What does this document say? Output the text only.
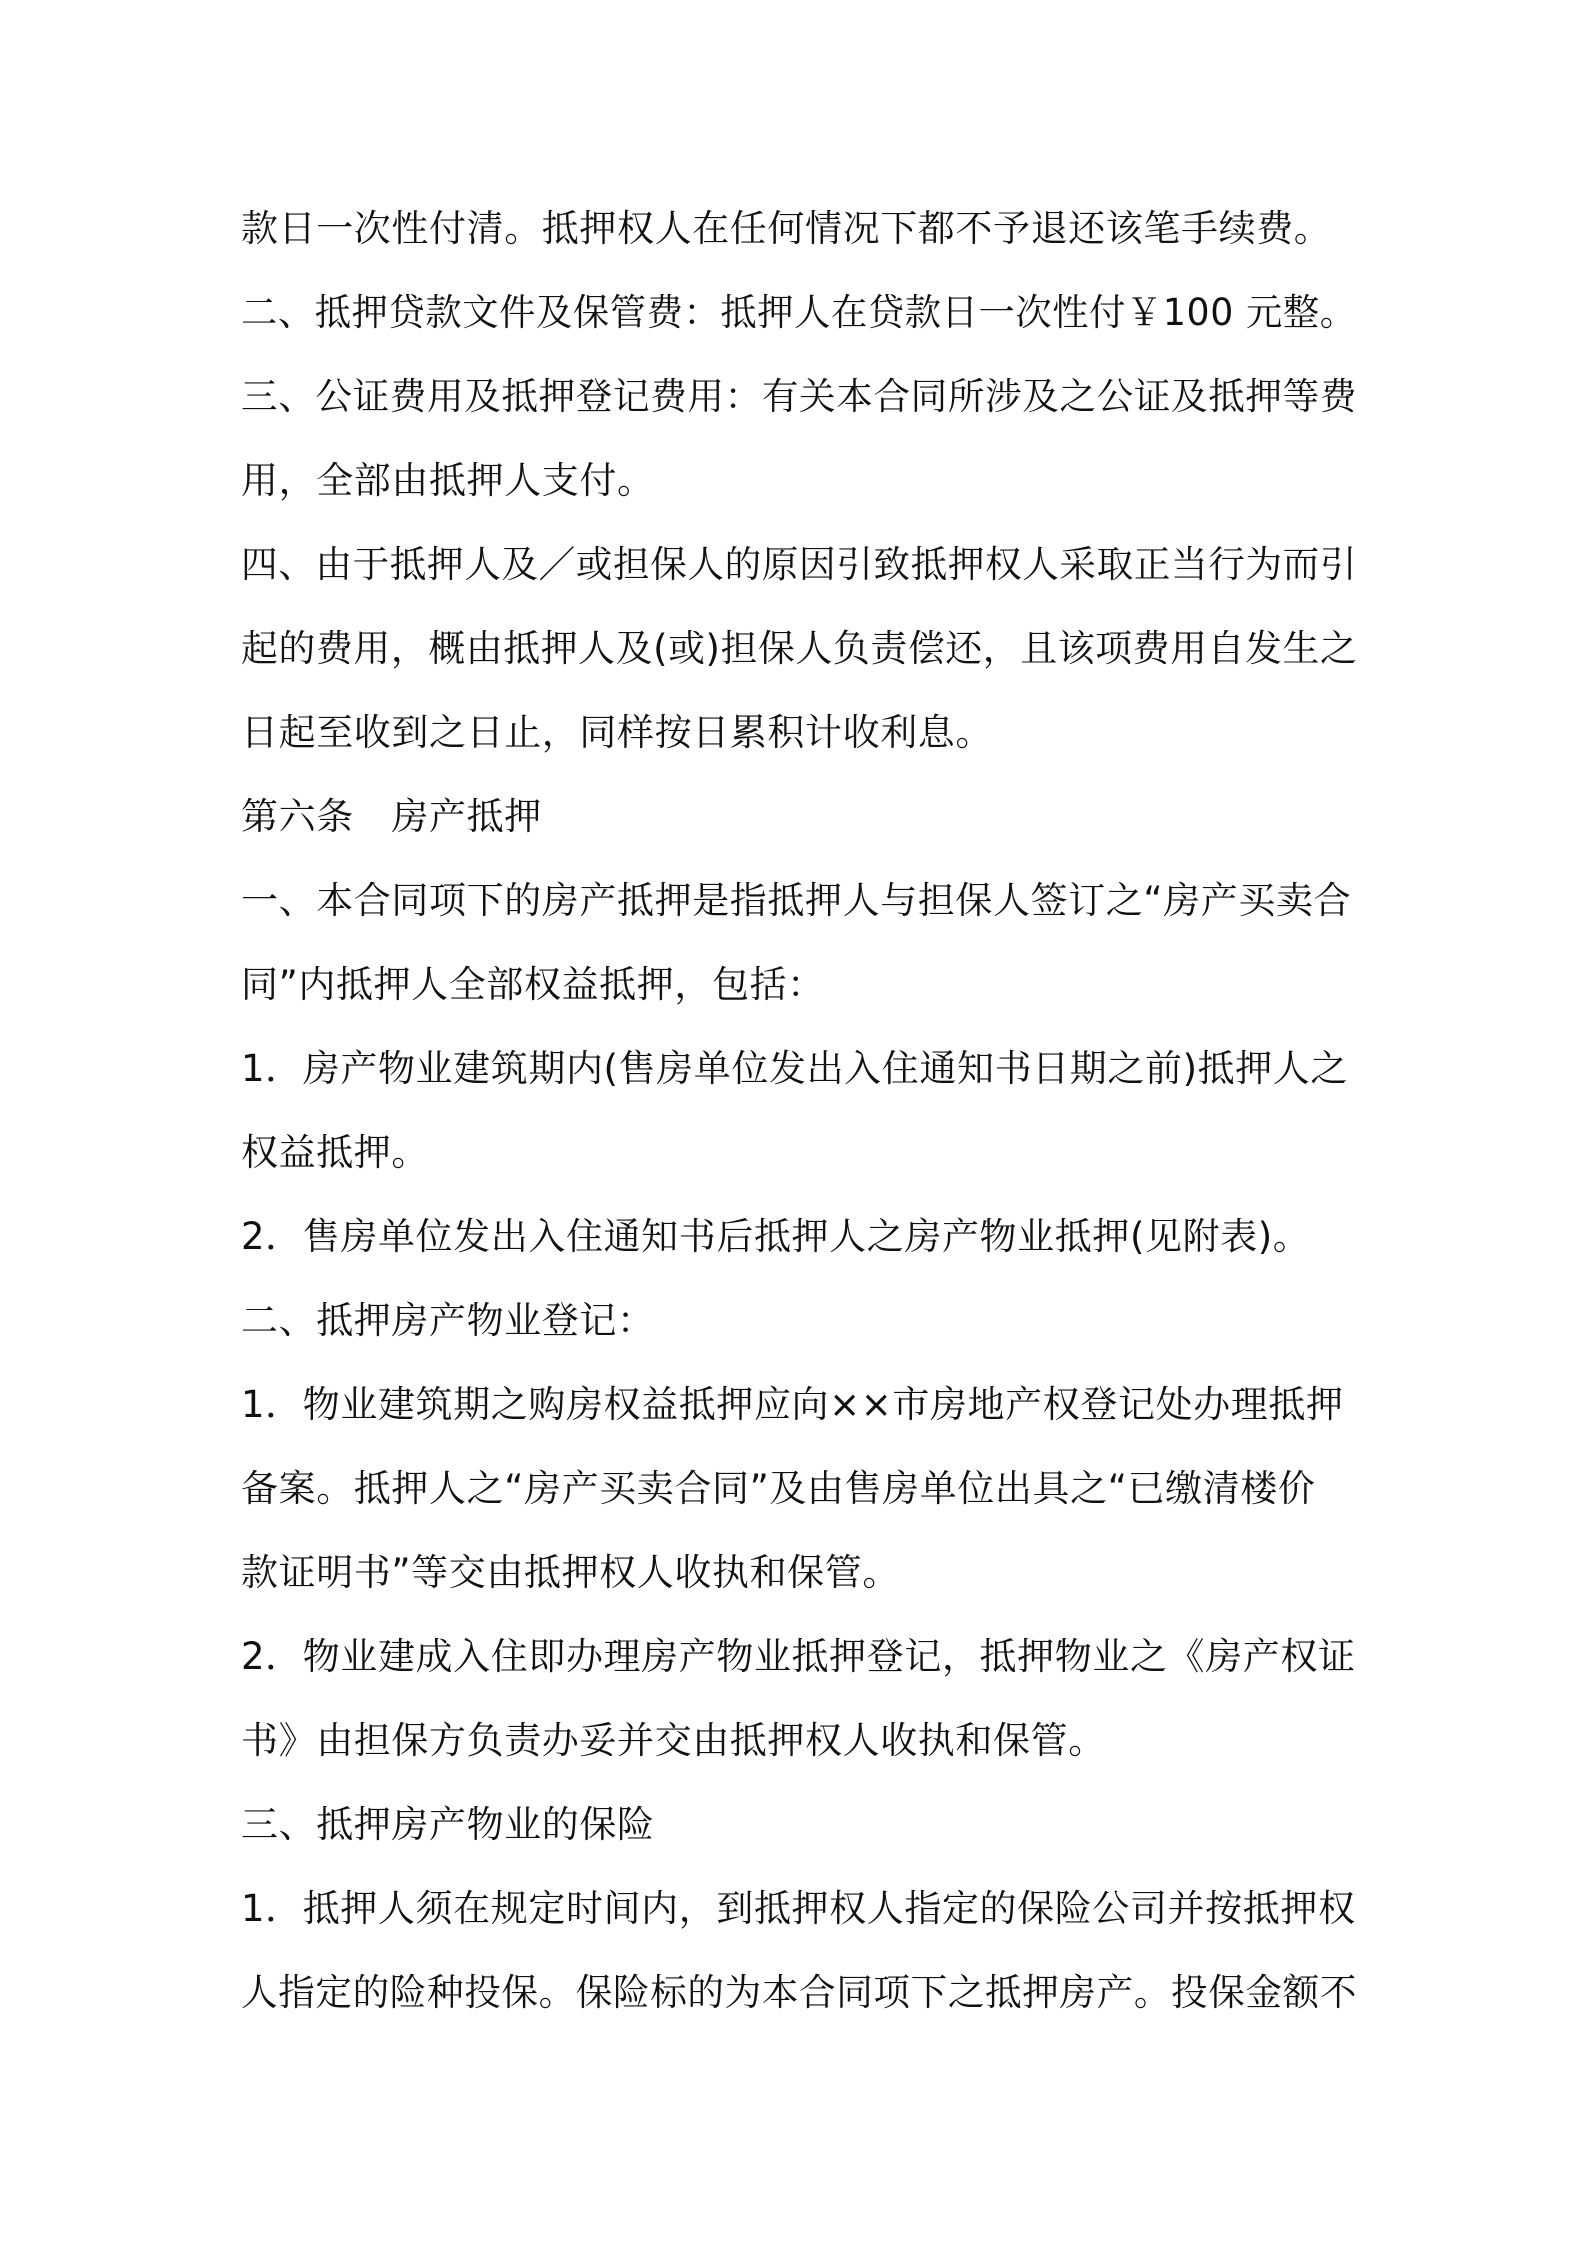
款日一次性付清。抵押权人在任何情况下都不予退还该笔手续费。
二、抵押贷款文件及保管费：抵押人在贷款日一次性付￥100 元整。
三、公证费用及抵押登记费用：有关本合同所涉及之公证及抵押等费
用，全部由抵押人支付。
四、由于抵押人及／或担保人的原因引致抵押权人采取正当行为而引
起的费用，概由抵押人及(或)担保人负责偿还，且该项费用自发生之
日起至收到之日止，同样按日累积计收利息。
第六条　房产抵押
一、本合同项下的房产抵押是指抵押人与担保人签订之“房产买卖合
同”内抵押人全部权益抵押，包括：
1．房产物业建筑期内(售房单位发出入住通知书日期之前)抵押人之
权益抵押。
2．售房单位发出入住通知书后抵押人之房产物业抵押(见附表)。
二、抵押房产物业登记：
1．物业建筑期之购房权益抵押应向××市房地产权登记处办理抵押
备案。抵押人之“房产买卖合同”及由售房单位出具之“已缴清楼价
款证明书”等交由抵押权人收执和保管。
2．物业建成入住即办理房产物业抵押登记，抵押物业之《房产权证
书》由担保方负责办妥并交由抵押权人收执和保管。
三、抵押房产物业的保险
1．抵押人须在规定时间内，到抵押权人指定的保险公司并按抵押权
人指定的险种投保。保险标的为本合同项下之抵押房产。投保金额不
